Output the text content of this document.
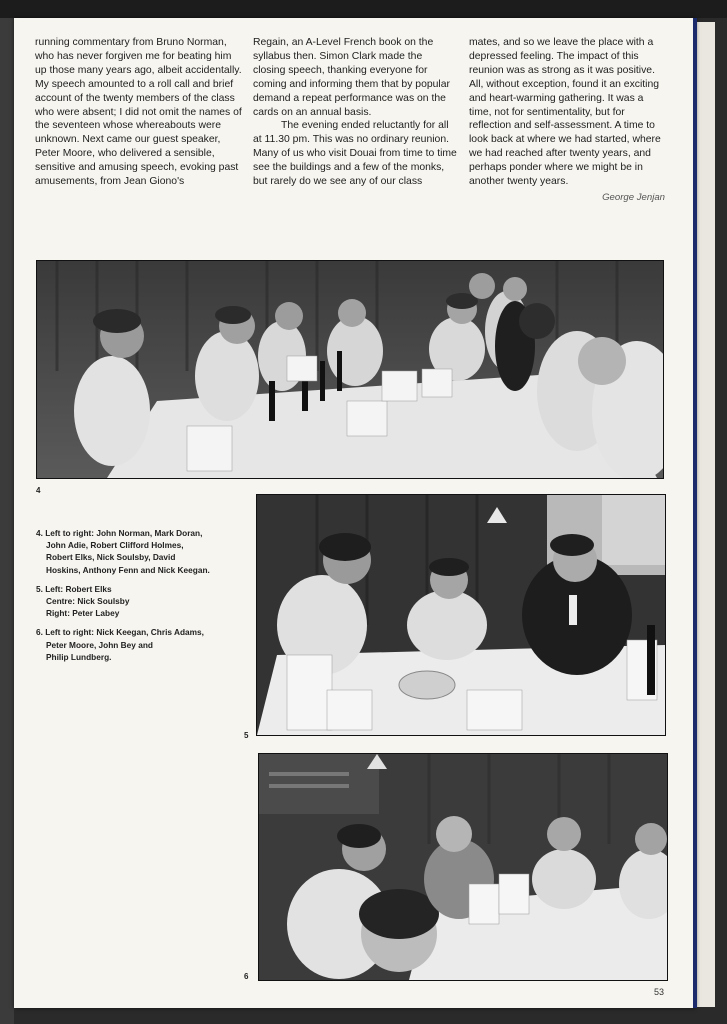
running commentary from Bruno Norman, who has never forgiven me for beating him up those many years ago, albeit accidentally. My speech amounted to a roll call and brief account of the twenty members of the class who were absent; I did not omit the names of the seventeen whose whereabouts were unknown. Next came our guest speaker, Peter Moore, who delivered a sensible, sensitive and amusing speech, evoking past amusements, from Jean Giono's

Regain, an A-Level French book on the syllabus then. Simon Clark made the closing speech, thanking everyone for coming and informing them that by popular demand a repeat performance was on the cards on an annual basis.

The evening ended reluctantly for all at 11.30 pm. This was no ordinary reunion. Many of us who visit Douai from time to time see the buildings and a few of the monks, but rarely do we see any of our class

mates, and so we leave the place with a depressed feeling. The impact of this reunion was as strong as it was positive. All, without exception, found it an exciting and heart-warming gathering. It was a time, not for sentimentality, but for reflection and self-assessment. A time to look back at where we had started, where we had reached after twenty years, and perhaps ponder where we might be in another twenty years.

George Jenjan
4
4. Left to right: John Norman, Mark Doran,
John Adie, Robert Clifford Holmes,
Robert Elks, Nick Soulsby, David
Hoskins, Anthony Fenn and Nick Keegan.
5. Left: Robert Elks
Centre: Nick Soulsby
Right: Peter Labey
6. Left to right: Nick Keegan, Chris Adams,
Peter Moore, John Bey and
Philip Lundberg.
5
6
53
